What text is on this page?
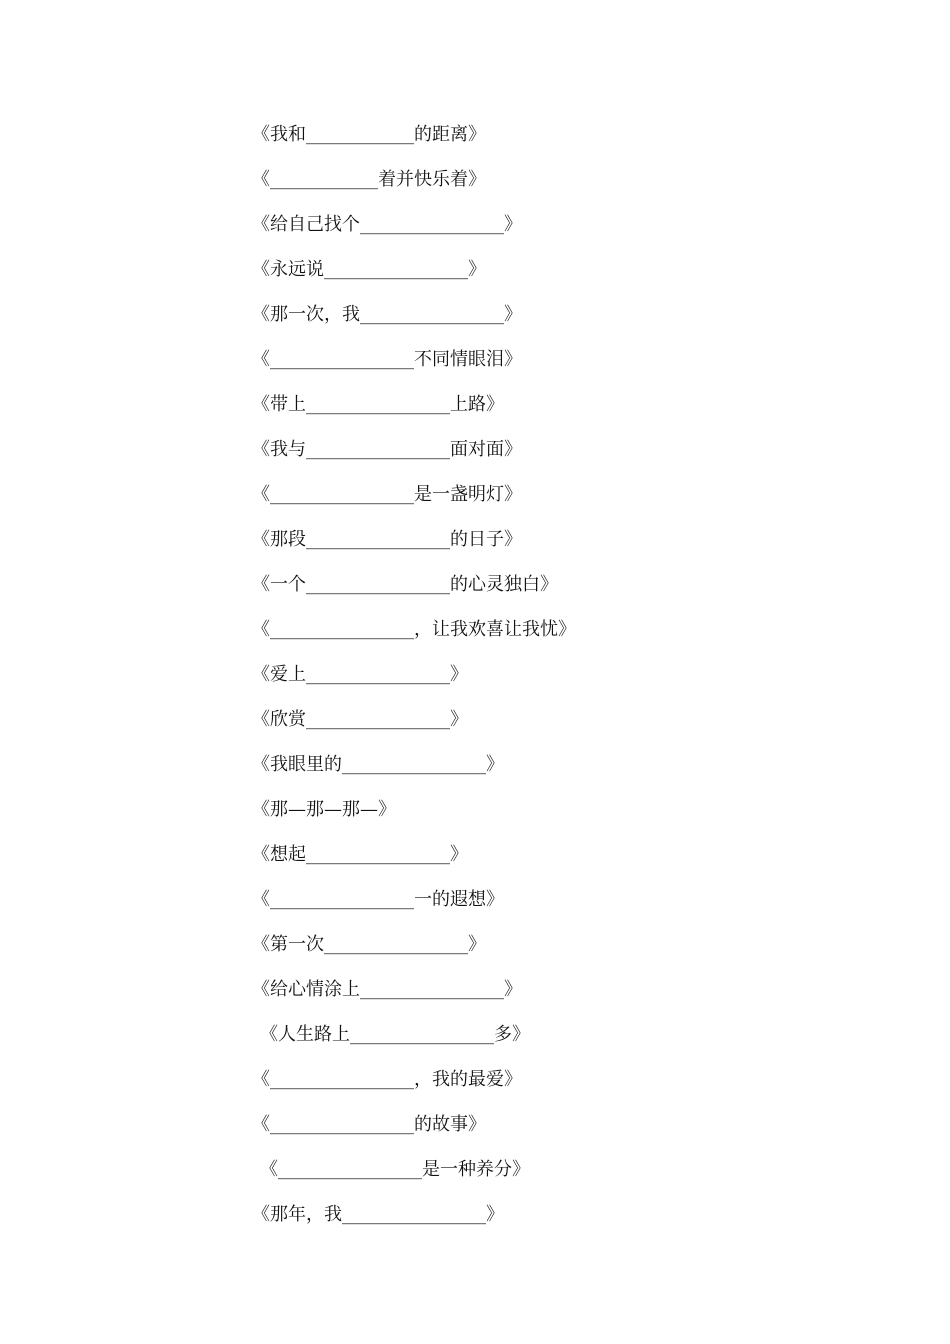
《我和____________的距离》
《____________着并快乐着》
《给自己找个________________》
《永远说________________》
《那一次，我________________》
《________________不同情眼泪》
《带上________________上路》
《我与________________面对面》
《________________是一盏明灯》
《那段________________的日子》
《一个________________的心灵独白》
《________________，让我欢喜让我忧》
《爱上________________》
《欣赏________________》
《我眼里的________________》
《那—那—那—》
《想起________________》
《________________一的遐想》
《第一次________________》
《给心情涂上________________》
《人生路上________________多》
《________________，我的最爱》
《________________的故事》
《________________是一种养分》
《那年，我________________》
